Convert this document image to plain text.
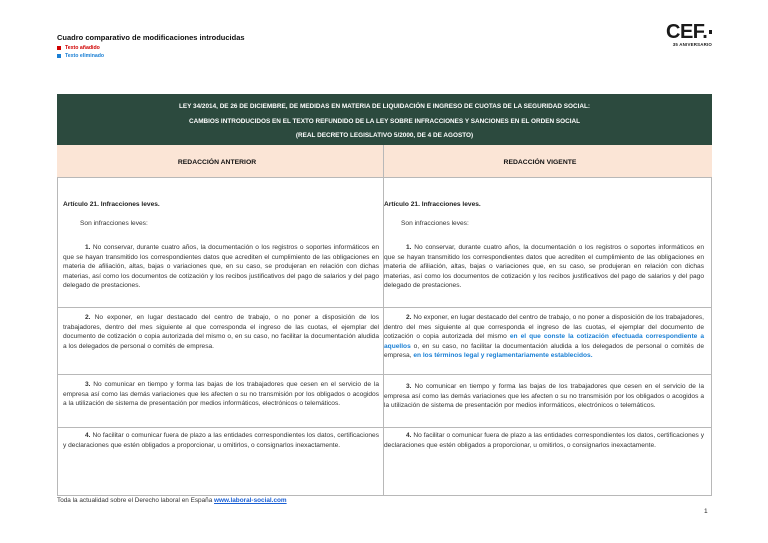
Cuadro comparativo de modificaciones introducidas
Texto añadido
Texto eliminado
CEF.
35 ANIVERSARIO
LEY 34/2014, DE 26 DE DICIEMBRE, DE MEDIDAS EN MATERIA DE LIQUIDACIÓN E INGRESO DE CUOTAS DE LA SEGURIDAD SOCIAL:
CAMBIOS INTRODUCIDOS EN EL TEXTO REFUNDIDO DE LA LEY SOBRE INFRACCIONES Y SANCIONES EN EL ORDEN SOCIAL
(REAL DECRETO LEGISLATIVO 5/2000, DE 4 DE AGOSTO)
REDACCIÓN ANTERIOR	REDACCIÓN VIGENTE
Artículo 21. Infracciones leves.
Son infracciones leves:
1. No conservar, durante cuatro años, la documentación o los registros o soportes informáticos en que se hayan transmitido los correspondientes datos que acrediten el cumplimiento de las obligaciones en materia de afiliación, altas, bajas o variaciones que, en su caso, se produjeran en relación con dichas materias, así como los documentos de cotización y los recibos justificativos del pago de salarios y del pago delegado de prestaciones.
2. No exponer, en lugar destacado del centro de trabajo, o no poner a disposición de los trabajadores, dentro del mes siguiente al que corresponda el ingreso de las cuotas, el ejemplar del documento de cotización o copia autorizada del mismo o, en su caso, no facilitar la documentación aludida a los delegados de personal o comités de empresa.
3. No comunicar en tiempo y forma las bajas de los trabajadores que cesen en el servicio de la empresa así como las demás variaciones que les afecten o su no transmisión por los obligados o acogidos a la utilización de sistema de presentación por medios informáticos, electrónicos o telemáticos.
4. No facilitar o comunicar fuera de plazo a las entidades correspondientes los datos, certificaciones y declaraciones que estén obligados a proporcionar, u omitirlos, o consignarlos inexactamente.
Artículo 21. Infracciones leves.
Son infracciones leves:
1. No conservar, durante cuatro años, la documentación o los registros o soportes informáticos en que se hayan transmitido los correspondientes datos que acrediten el cumplimiento de las obligaciones en materia de afiliación, altas, bajas o variaciones que, en su caso, se produjeran en relación con dichas materias, así como los documentos de cotización y los recibos justificativos del pago de salarios y del pago delegado de prestaciones.
2. No exponer, en lugar destacado del centro de trabajo, o no poner a disposición de los trabajadores, dentro del mes siguiente al que corresponda el ingreso de las cuotas, el ejemplar del documento de cotización o copia autorizada del mismo en el que conste la cotización efectuada correspondiente a aquellos o, en su caso, no facilitar la documentación aludida a los delegados de personal o comités de empresa, en los términos legal y reglamentariamente establecidos.
3. No comunicar en tiempo y forma las bajas de los trabajadores que cesen en el servicio de la empresa así como las demás variaciones que les afecten o su no transmisión por los obligados o acogidos a la utilización de sistema de presentación por medios informáticos, electrónicos o telemáticos.
4. No facilitar o comunicar fuera de plazo a las entidades correspondientes los datos, certificaciones y declaraciones que estén obligados a proporcionar, u omitirlos, o consignarlos inexactamente.
Toda la actualidad sobre el Derecho laboral en España www.laboral-social.com
1
